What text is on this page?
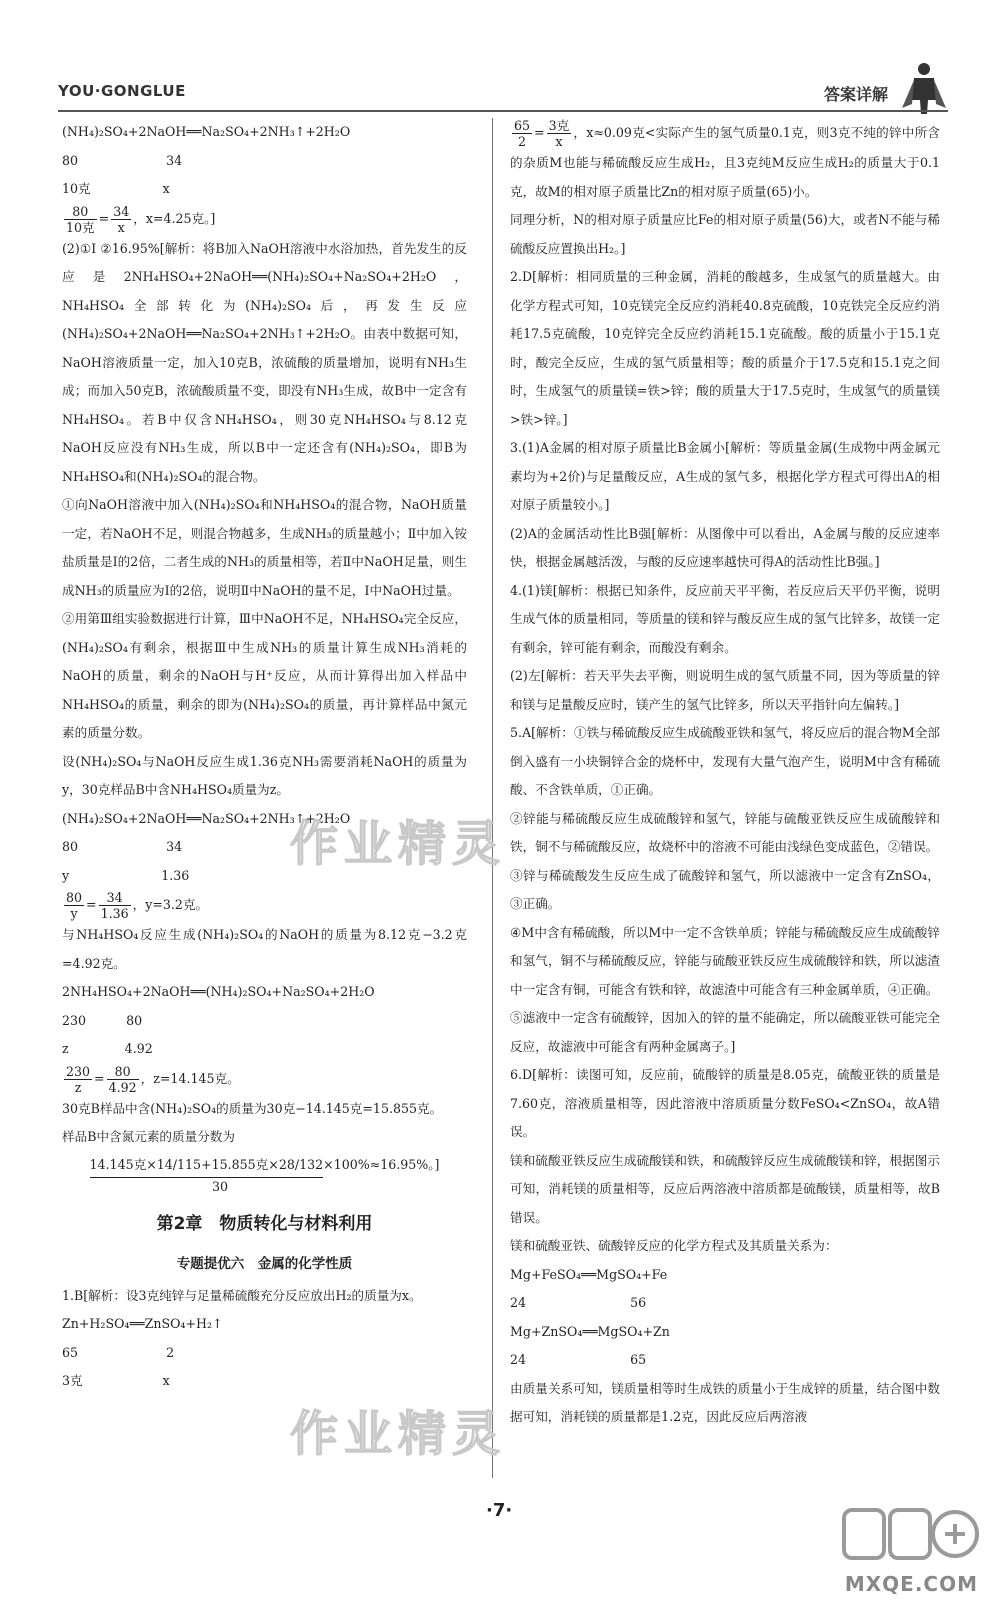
YOU·GONGLUE	答案详解

(NH₄)₂SO₄+2NaOH══Na₂SO₄+2NH₃↑+2H₂O

80                      34

10克                  x

80
10克
= $\frac{34}{x}$ ，x=4.25克。]

(2)①Ⅰ ②16.95%[解析：将B加入NaOH溶液中水浴加热，首先发生的反应是2NH₄HSO₄+2NaOH══(NH₄)₂SO₄+Na₂SO₄+2H₂O，NH₄HSO₄全部转化为(NH₄)₂SO₄后，再发生反应(NH₄)₂SO₄+2NaOH══Na₂SO₄+2NH₃↑+2H₂O。由表中数据可知，NaOH溶液质量一定，加入10克B，浓硫酸的质量增加，说明有NH₃生成；而加入50克B，浓硫酸质量不变，即没有NH₃生成，故B中一定含有NH₄HSO₄。若B中仅含NH₄HSO₄，则30克NH₄HSO₄与8.12克NaOH反应没有NH₃生成，所以B中一定还含有(NH₄)₂SO₄，即B为NH₄HSO₄和(NH₄)₂SO₄的混合物。

①向NaOH溶液中加入(NH₄)₂SO₄和NH₄HSO₄的混合物，NaOH质量一定，若NaOH不足，则混合物越多，生成NH₃的质量越小；Ⅱ中加入铵盐质量是Ⅰ的2倍，二者生成的NH₃的质量相等，若Ⅱ中NaOH足量，则生成NH₃的质量应为Ⅰ的2倍，说明Ⅱ中NaOH的量不足，Ⅰ中NaOH过量。

②用第Ⅲ组实验数据进行计算，Ⅲ中NaOH不足，NH₄HSO₄完全反应，(NH₄)₂SO₄有剩余，根据Ⅲ中生成NH₃的质量计算生成NH₃消耗的NaOH的质量，剩余的NaOH与H⁺反应，从而计算得出加入样品中NH₄HSO₄的质量，剩余的即为(NH₄)₂SO₄的质量，再计算样品中氮元素的质量分数。

设(NH₄)₂SO₄与NaOH反应生成1.36克NH₃需要消耗NaOH的质量为y，30克样品B中含NH₄HSO₄质量为z。

(NH₄)₂SO₄+2NaOH══Na₂SO₄+2NH₃↑+2H₂O

80                      34

y                       1.36

$\frac{80}{y} = \frac{34}{1.36}$ ，y=3.2克。

与NH₄HSO₄反应生成(NH₄)₂SO₄的NaOH的质量为8.12克−3.2克=4.92克。

2NH₄HSO₄+2NaOH══(NH₄)₂SO₄+Na₂SO₄+2H₂O

230          80

z              4.92

$\frac{230}{z} = \frac{80}{4.92}$ ，z=14.145克。

30克B样品中含(NH₄)₂SO₄的质量为30克−14.145克=15.855克。

样品B中含氮元素的质量分数为

14.145克×14/115+15.855克×28/132×100%≈16.95%。]
30
第2章　物质转化与材料利用
专题提优六　金属的化学性质

1.B[解析：设3克纯锌与足量稀硫酸充分反应放出H₂的质量为x。

Zn+H₂SO₄══ZnSO₄+H₂↑

65                      2

3克                    x

$\frac{65}{2} = 3$克
x
，x≈0.09克<实际产生的氢气质量0.1克，则3克不纯的锌中所含的杂质M也能与稀硫酸反应生成H₂，且3克纯M反应生成H₂的质量大于0.1克，故M的相对原子质量比Zn的相对原子质量(65)小。

同理分析，N的相对原子质量应比Fe的相对原子质量(56)大，或者N不能与稀硫酸反应置换出H₂。]

2.D[解析：相同质量的三种金属，消耗的酸越多，生成氢气的质量越大。由化学方程式可知，10克镁完全反应约消耗40.8克硫酸，10克铁完全反应约消耗17.5克硫酸，10克锌完全反应约消耗15.1克硫酸。酸的质量小于15.1克时，酸完全反应，生成的氢气质量相等；酸的质量介于17.5克和15.1克之间时，生成氢气的质量镁=铁>锌；酸的质量大于17.5克时，生成氢气的质量镁>铁>锌。]

3.(1)A金属的相对原子质量比B金属小[解析：等质量金属(生成物中两金属元素均为+2价)与足量酸反应，A生成的氢气多，根据化学方程式可得出A的相对原子质量较小。]

(2)A的金属活动性比B强[解析：从图像中可以看出，A金属与酸的反应速率快，根据金属越活泼，与酸的反应速率越快可得A的活动性比B强。]

4.(1)镁[解析：根据已知条件，反应前天平平衡，若反应后天平仍平衡，说明生成气体的质量相同，等质量的镁和锌与酸反应生成的氢气比锌多，故镁一定有剩余，锌可能有剩余，而酸没有剩余。

(2)左[解析：若天平失去平衡，则说明生成的氢气质量不同，因为等质量的锌和镁与足量酸反应时，镁产生的氢气比锌多，所以天平指针向左偏转。]

5.A[解析：①铁与稀硫酸反应生成硫酸亚铁和氢气，将反应后的混合物M全部倒入盛有一小块铜锌合金的烧杯中，发现有大量气泡产生，说明M中含有稀硫酸、不含铁单质，①正确。

②锌能与稀硫酸反应生成硫酸锌和氢气，锌能与硫酸亚铁反应生成硫酸锌和铁，铜不与稀硫酸反应，故烧杯中的溶液不可能由浅绿色变成蓝色，②错误。

③锌与稀硫酸发生反应生成了硫酸锌和氢气，所以滤液中一定含有ZnSO₄，③正确。

④M中含有稀硫酸，所以M中一定不含铁单质；锌能与稀硫酸反应生成硫酸锌和氢气，铜不与稀硫酸反应，锌能与硫酸亚铁反应生成硫酸锌和铁，所以滤渣中一定含有铜，可能含有铁和锌，故滤渣中可能含有三种金属单质，④正确。

⑤滤液中一定含有硫酸锌，因加入的锌的量不能确定，所以硫酸亚铁可能完全反应，故滤液中可能含有两种金属离子。]

6.D[解析：读图可知，反应前，硫酸锌的质量是8.05克，硫酸亚铁的质量是7.60克，溶液质量相等，因此溶液中溶质质量分数FeSO₄<ZnSO₄，故A错误。

镁和硫酸亚铁反应生成硫酸镁和铁，和硫酸锌反应生成硫酸镁和锌，根据图示可知，消耗镁的质量相等，反应后两溶液中溶质都是硫酸镁，质量相等，故B错误。

镁和硫酸亚铁、硫酸锌反应的化学方程式及其质量关系为：

Mg+FeSO₄══MgSO₄+Fe

24                          56

Mg+ZnSO₄══MgSO₄+Zn

24                          65

由质量关系可知，镁质量相等时生成铁的质量小于生成锌的质量，结合图中数据可知，消耗镁的质量都是1.2克，因此反应后两溶液

作业精灵
作业精灵
·7·
MXQE.COM
